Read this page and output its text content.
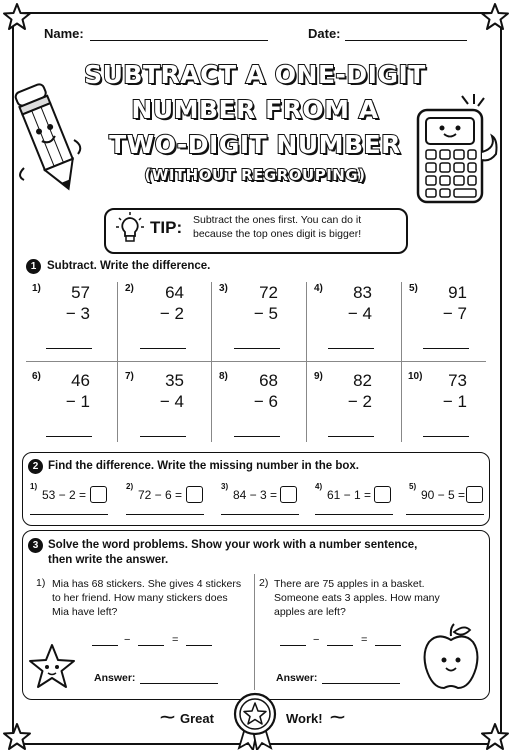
Name:	Date:
SUBTRACT A ONE-DIGIT
NUMBER FROM A
TWO-DIGIT NUMBER
(WITHOUT REGROUPING)
TIP: Subtract the ones first. You can do it because the top ones digit is bigger!
1 Subtract. Write the difference.
1)	57
− 3
2)	64
− 2
3)	72
− 5
4)	83
− 4
5)	91
− 7
6)	46
− 1
7)	35
− 4
8)	68
− 6
9)	82
− 2
10)	73
− 1
2 Find the difference. Write the missing number in the box.
1)
53 − 2 =
2)
72 − 6 =
3)
84 − 3 =
4)
61 − 1 =
5)
90 − 5 =
3 Solve the word problems. Show your work with a number sentence,
then write the answer.
1) Mia has 68 stickers. She gives 4 stickers to her friend. How many stickers does Mia have left?
−	=
Answer:
2) There are 75 apples in a basket. Someone eats 3 apples. How many apples are left?
−	=
Answer:
⁓ Great	Work! ⁓
